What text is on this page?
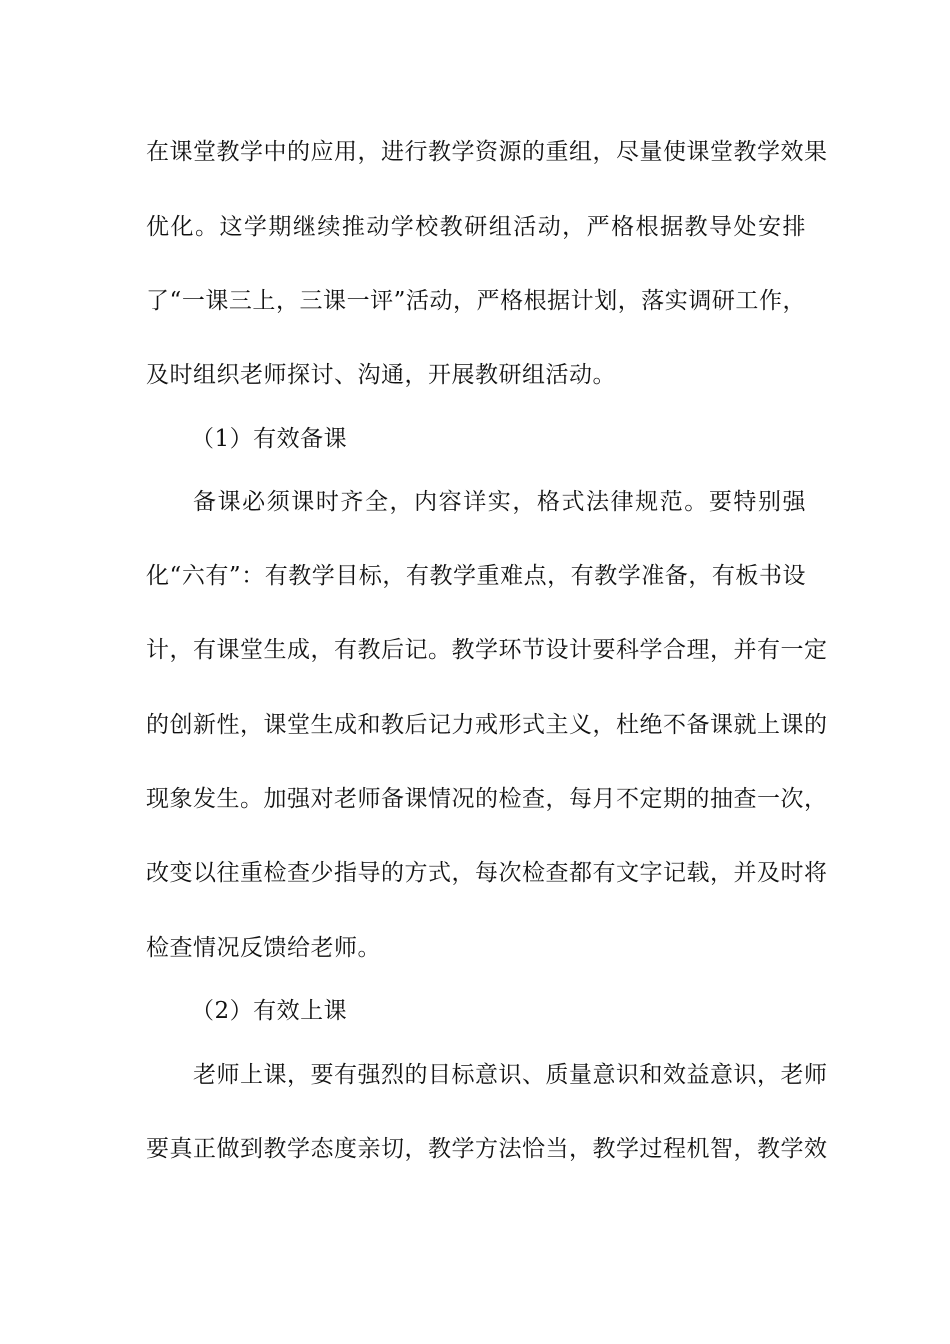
在课堂教学中的应用，进行教学资源的重组，尽量使课堂教学效果
优化。这学期继续推动学校教研组活动，严格根据教导处安排
了“一课三上，三课一评”活动，严格根据计划，落实调研工作，
及时组织老师探讨、沟通，开展教研组活动。
（1）有效备课
备课必须课时齐全，内容详实，格式法律规范。要特别强
化“六有”：有教学目标，有教学重难点，有教学准备，有板书设
计，有课堂生成，有教后记。教学环节设计要科学合理，并有一定
的创新性，课堂生成和教后记力戒形式主义，杜绝不备课就上课的
现象发生。加强对老师备课情况的检查，每月不定期的抽查一次，
改变以往重检查少指导的方式，每次检查都有文字记载，并及时将
检查情况反馈给老师。
（2）有效上课
老师上课，要有强烈的目标意识、质量意识和效益意识，老师
要真正做到教学态度亲切，教学方法恰当，教学过程机智，教学效
